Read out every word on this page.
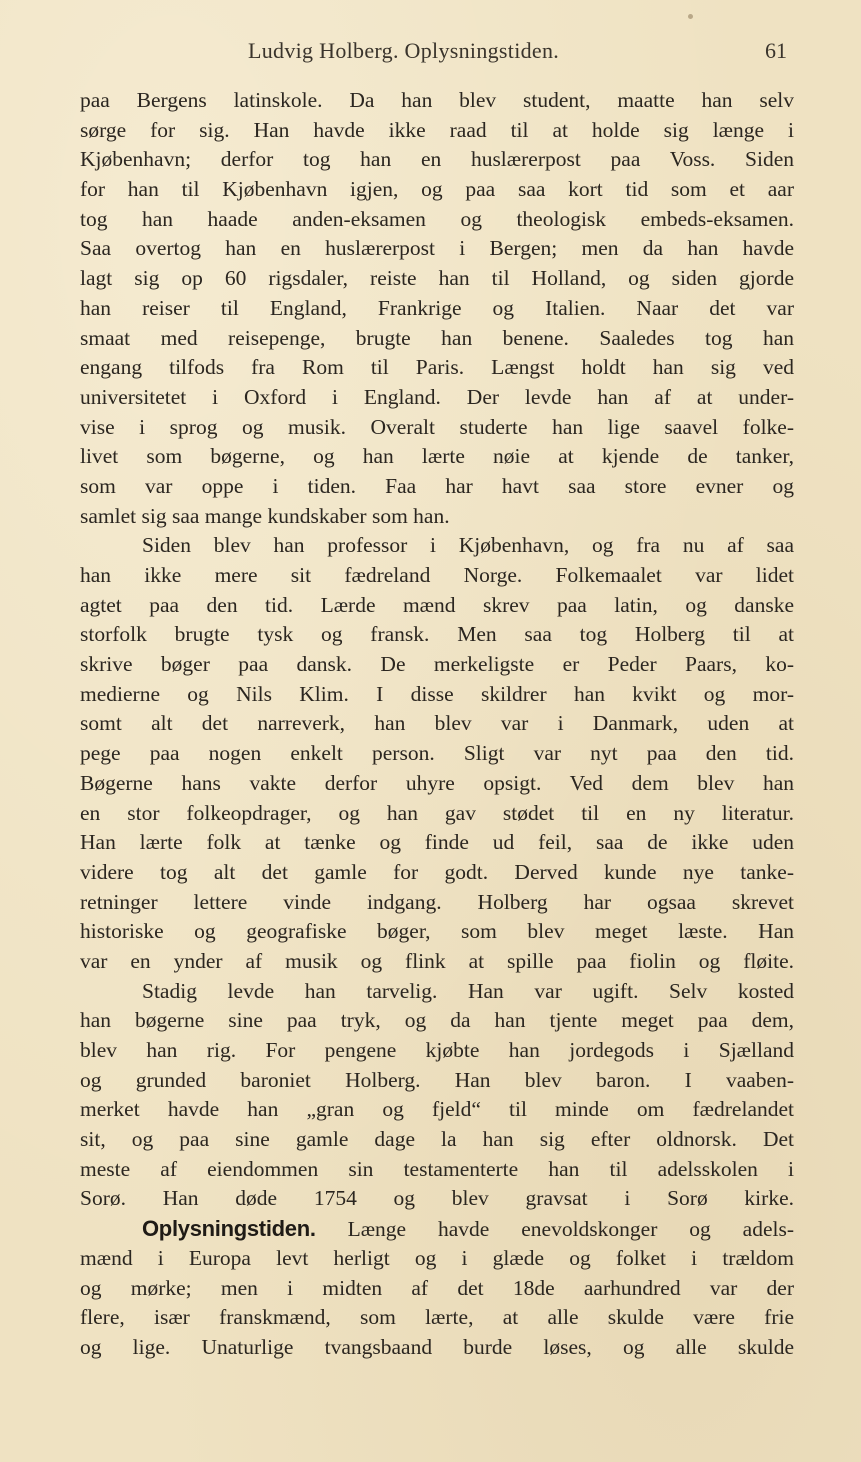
Ludvig Holberg. Oplysningstiden.	61
paa Bergens latinskole. Da han blev student, maatte han selv
sørge for sig. Han havde ikke raad til at holde sig længe i
Kjøbenhavn; derfor tog han en huslærerpost paa Voss. Siden
for han til Kjøbenhavn igjen, og paa saa kort tid som et aar
tog han haade anden-eksamen og theologisk embeds-eksamen.
Saa overtog han en huslærerpost i Bergen; men da han havde
lagt sig op 60 rigsdaler, reiste han til Holland, og siden gjorde
han reiser til England, Frankrige og Italien. Naar det var
smaat med reisepenge, brugte han benene. Saaledes tog han
engang tilfods fra Rom til Paris. Længst holdt han sig ved
universitetet i Oxford i England. Der levde han af at under-
vise i sprog og musik. Overalt studerte han lige saavel folke-
livet som bøgerne, og han lærte nøie at kjende de tanker,
som var oppe i tiden. Faa har havt saa store evner og
samlet sig saa mange kundskaber som han.
Siden blev han professor i Kjøbenhavn, og fra nu af saa
han ikke mere sit fædreland Norge. Folkemaalet var lidet
agtet paa den tid. Lærde mænd skrev paa latin, og danske
storfolk brugte tysk og fransk. Men saa tog Holberg til at
skrive bøger paa dansk. De merkeligste er Peder Paars, ko-
medierne og Nils Klim. I disse skildrer han kvikt og mor-
somt alt det narreverk, han blev var i Danmark, uden at
pege paa nogen enkelt person. Sligt var nyt paa den tid.
Bøgerne hans vakte derfor uhyre opsigt. Ved dem blev han
en stor folkeopdrager, og han gav stødet til en ny literatur.
Han lærte folk at tænke og finde ud feil, saa de ikke uden
videre tog alt det gamle for godt. Derved kunde nye tanke-
retninger lettere vinde indgang. Holberg har ogsaa skrevet
historiske og geografiske bøger, som blev meget læste. Han
var en ynder af musik og flink at spille paa fiolin og fløite.
Stadig levde han tarvelig. Han var ugift. Selv kosted
han bøgerne sine paa tryk, og da han tjente meget paa dem,
blev han rig. For pengene kjøbte han jordegods i Sjælland
og grunded baroniet Holberg. Han blev baron. I vaaben-
merket havde han „gran og fjeld“ til minde om fædrelandet
sit, og paa sine gamle dage la han sig efter oldnorsk. Det
meste af eiendommen sin testamenterte han til adelsskolen i
Sorø. Han døde 1754 og blev gravsat i Sorø kirke.
Oplysningstiden. Længe havde enevoldskonger og adels-
mænd i Europa levt herligt og i glæde og folket i trældom
og mørke; men i midten af det 18de aarhundred var der
flere, især franskmænd, som lærte, at alle skulde være frie
og lige. Unaturlige tvangsbaand burde løses, og alle skulde
